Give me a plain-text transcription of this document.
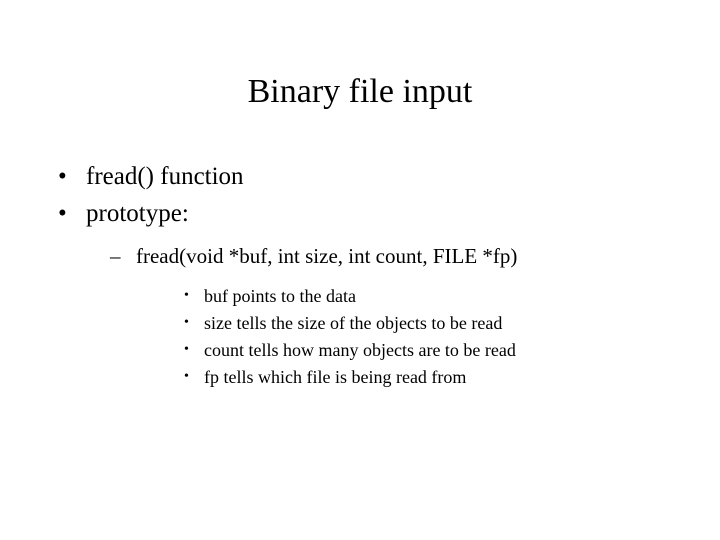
Binary file input
• fread() function
• prototype:
– fread(void *buf, int size, int count, FILE *fp)
• buf points to the data
• size tells the size of the objects to be read
• count tells how many objects are to be read
• fp tells which file is being read from
